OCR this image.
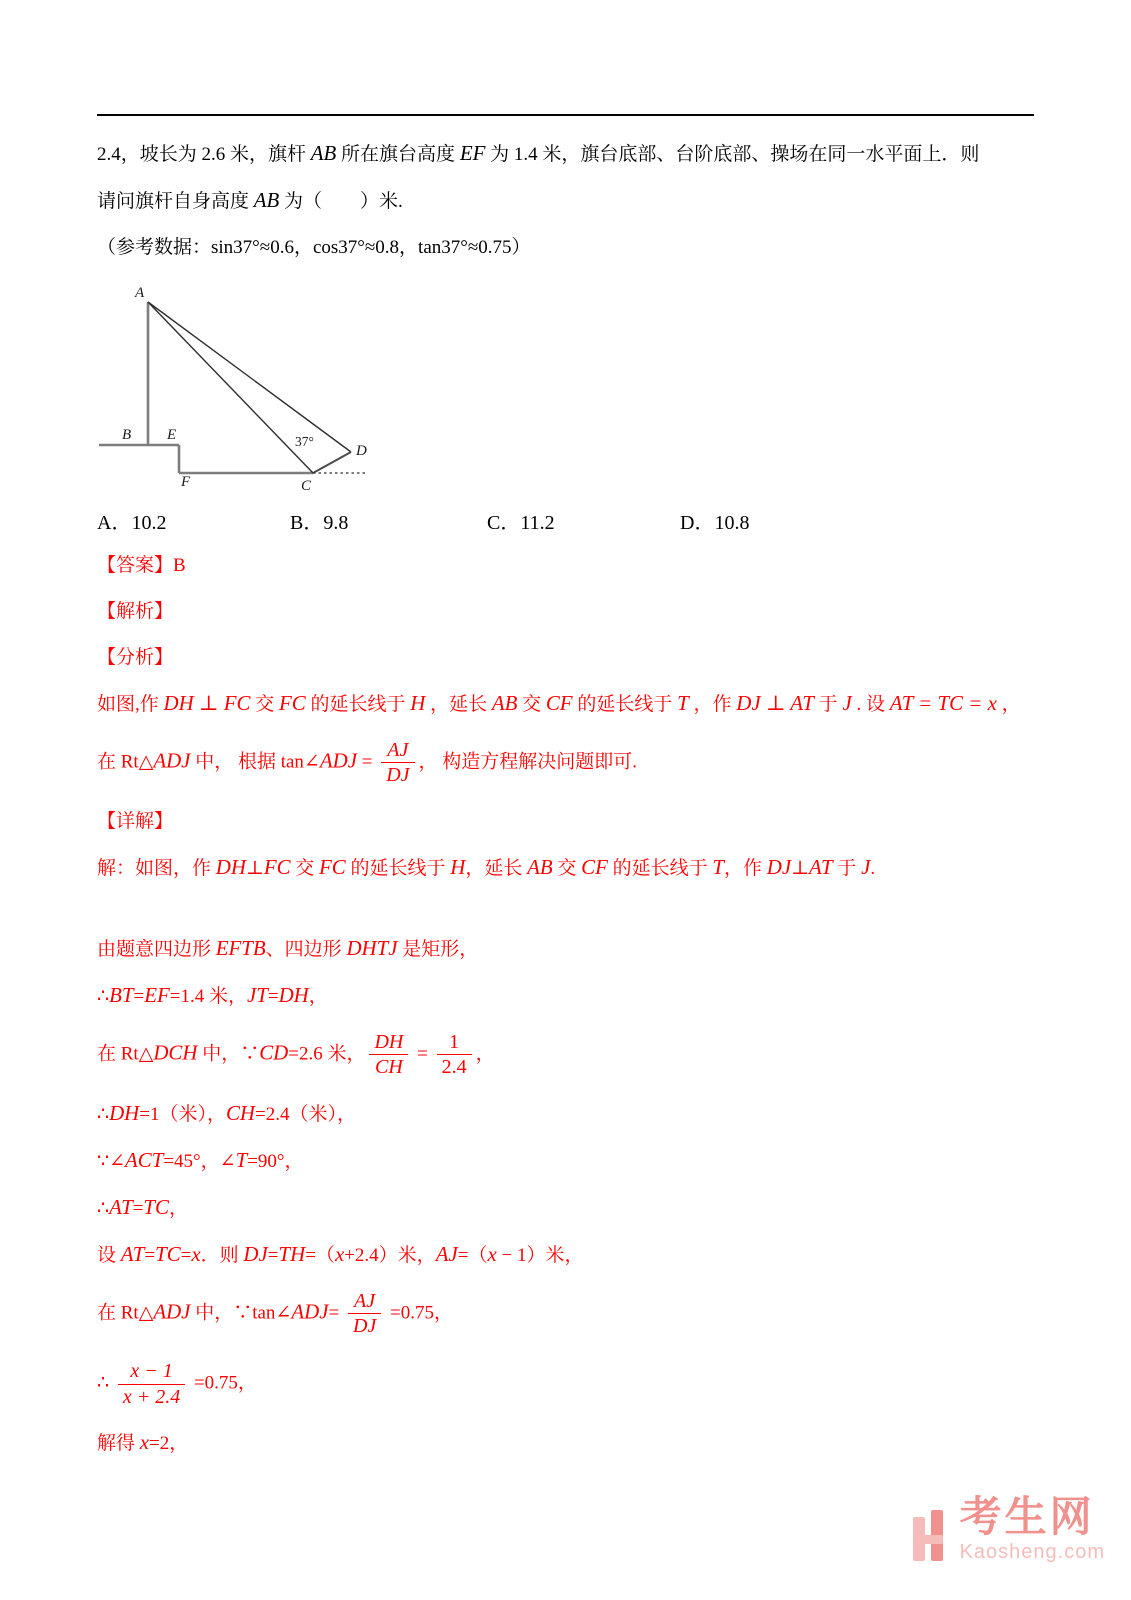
2.4，坡长为 2.6 米，旗杆 AB 所在旗台高度 EF 为 1.4 米，旗台底部、台阶底部、操场在同一水平面上．则
请问旗杆自身高度 AB 为（　　）米.
（参考数据：sin37°≈0.6，cos37°≈0.8，tan37°≈0.75）
A
B E
F	C
D
37°
A．10.2	B．9.8	C．11.2	D．10.8
【答案】B
【解析】
【分析】
如图,作 DH ⊥ FC 交 FC 的延长线于 H ，延长 AB 交 CF 的延长线于 T ，作 DJ ⊥ AT 于 J . 设 AT = TC = x ，
在 Rt△ADJ 中， 根据 tan∠ADJ = $\frac{AJ}{DJ}$ ， 构造方程解决问题即可.
【详解】
解：如图，作 DH⊥FC 交 FC 的延长线于 H，延长 AB 交 CF 的延长线于 T，作 DJ⊥AT 于 J.
由题意四边形 EFTB、四边形 DHTJ 是矩形，
∴BT=EF=1.4 米，JT=DH，
在 Rt△DCH 中，∵CD=2.6 米， $\frac{DH}{CH} = \frac{1}{2.4}$ ，
∴DH=1（米），CH=2.4（米），
∵∠ACT=45°，∠T=90°，
∴AT=TC，
设 AT=TC=x．则 DJ=TH=（x+2.4）米，AJ=（x − 1）米，
在 Rt△ADJ 中，∵tan∠ADJ= $\frac{AJ}{DJ} =0.75$，
∴ $\frac{x - 1}{x + 2.4} =0.75$，
解得 x=2，
考生网
Kaosheng.com
